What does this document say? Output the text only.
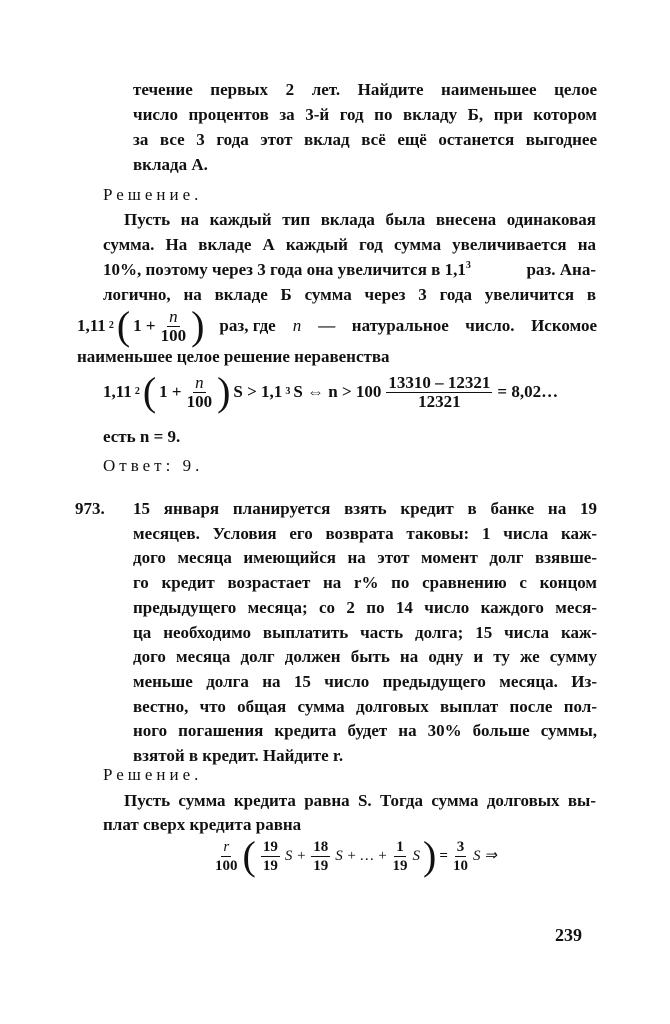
течение первых 2 лет. Найдите наименьшее целое
число процентов за 3-й год по вкладу Б, при котором
за все 3 года этот вклад всё ещё останется выгоднее
вклада А.
Решение.
Пусть на каждый тип вклада была внесена одинаковая
сумма. На вкладе А каждый год сумма увеличивается на
10%, поэтому через 3 года она увеличится в $1,1^3$	раз. Ана-
логично, на вкладе Б сумма через 3 года увеличится в
1,11 2 ( $1 + \frac{n}{100}$ ) раз, где n — натуральное число. Искомое
наименьшее целое решение неравенства
1,11 2 ( $1 + \frac{n}{100}$ ) S > 1,1 3 S ⇔ $n > 100 \frac{13310 - 12321}{12321}$ = 8,02…
есть n = 9.
Ответ: 9.
973. 15 января планируется взять кредит в банке на 19
месяцев. Условия его возврата таковы: 1 числа каж-
дого месяца имеющийся на этот момент долг взявше-
го кредит возрастает на r% по сравнению с концом
предыдущего месяца; со 2 по 14 число каждого меся-
ца необходимо выплатить часть долга; 15 числа каж-
дого месяца долг должен быть на одну и ту же сумму
меньше долга на 15 число предыдущего месяца. Из-
вестно, что общая сумма долговых выплат после пол-
ного погашения кредита будет на 30% больше суммы,
взятой в кредит. Найдите r.
Решение.
Пусть сумма кредита равна S. Тогда сумма долговых вы-
плат сверх кредита равна
$\frac{r}{100}$ ( $\frac{19}{19}$ $S + \frac{18}{19}$ S + … + $\frac{1}{19}$ S ) = $\frac{3}{10}$ S ⇒
239
